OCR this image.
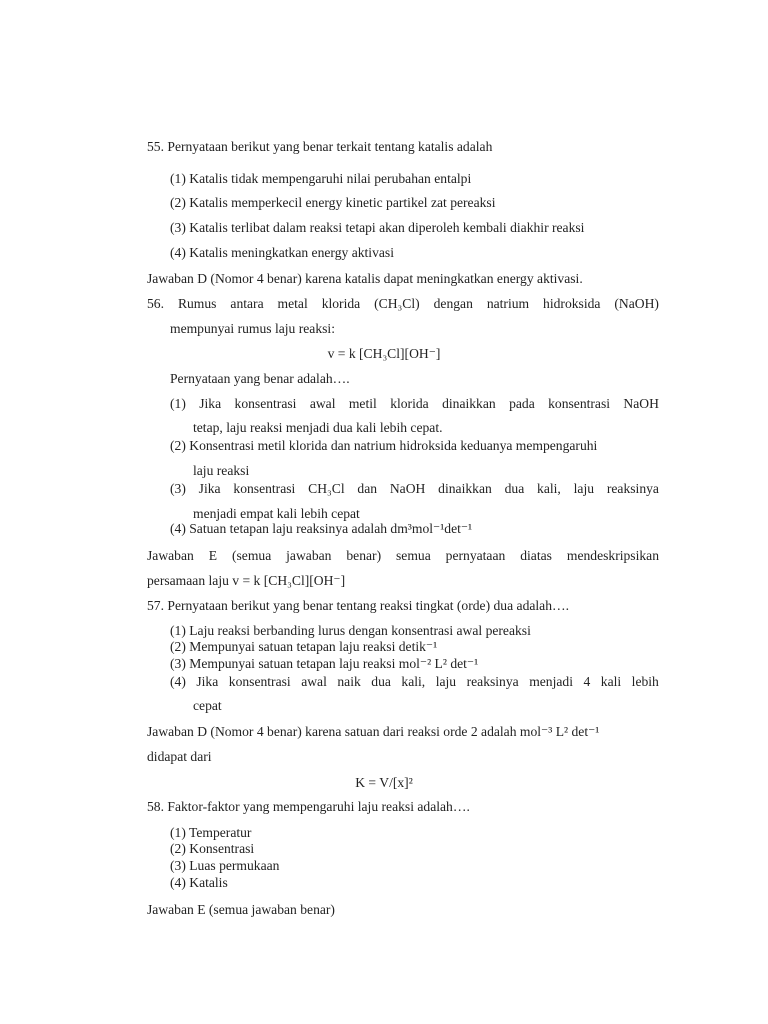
55. Pernyataan berikut yang benar terkait tentang katalis adalah
(1) Katalis tidak mempengaruhi nilai perubahan entalpi
(2) Katalis memperkecil energy kinetic partikel zat pereaksi
(3) Katalis terlibat dalam reaksi tetapi akan diperoleh kembali diakhir reaksi
(4) Katalis meningkatkan energy aktivasi
Jawaban D (Nomor 4 benar) karena katalis dapat meningkatkan energy aktivasi.
56. Rumus antara metal klorida (CH₃Cl) dengan natrium hidroksida (NaOH)
mempunyai rumus laju reaksi:
v = k [CH₃Cl][OH⁻]
Pernyataan yang benar adalah….
(1) Jika konsentrasi awal metil klorida dinaikkan pada konsentrasi NaOH
tetap, laju reaksi menjadi dua kali lebih cepat.
(2) Konsentrasi metil klorida dan natrium hidroksida keduanya mempengaruhi
laju reaksi
(3) Jika konsentrasi CH₃Cl dan NaOH dinaikkan dua kali, laju reaksinya
menjadi empat kali lebih cepat
(4) Satuan tetapan laju reaksinya adalah dm³mol⁻¹det⁻¹
Jawaban E (semua jawaban benar) semua pernyataan diatas mendeskripsikan
persamaan laju v = k [CH₃Cl][OH⁻]
57. Pernyataan berikut yang benar tentang reaksi tingkat (orde) dua adalah….
(1) Laju reaksi berbanding lurus dengan konsentrasi awal pereaksi
(2) Mempunyai satuan tetapan laju reaksi detik⁻¹
(3) Mempunyai satuan tetapan laju reaksi mol⁻² L² det⁻¹
(4) Jika konsentrasi awal naik dua kali, laju reaksinya menjadi 4 kali lebih
cepat
Jawaban D (Nomor 4 benar) karena satuan dari reaksi orde 2 adalah mol⁻³ L² det⁻¹
didapat dari
K = V/[x]²
58. Faktor-faktor yang mempengaruhi laju reaksi adalah….
(1) Temperatur
(2) Konsentrasi
(3) Luas permukaan
(4) Katalis
Jawaban E (semua jawaban benar)
